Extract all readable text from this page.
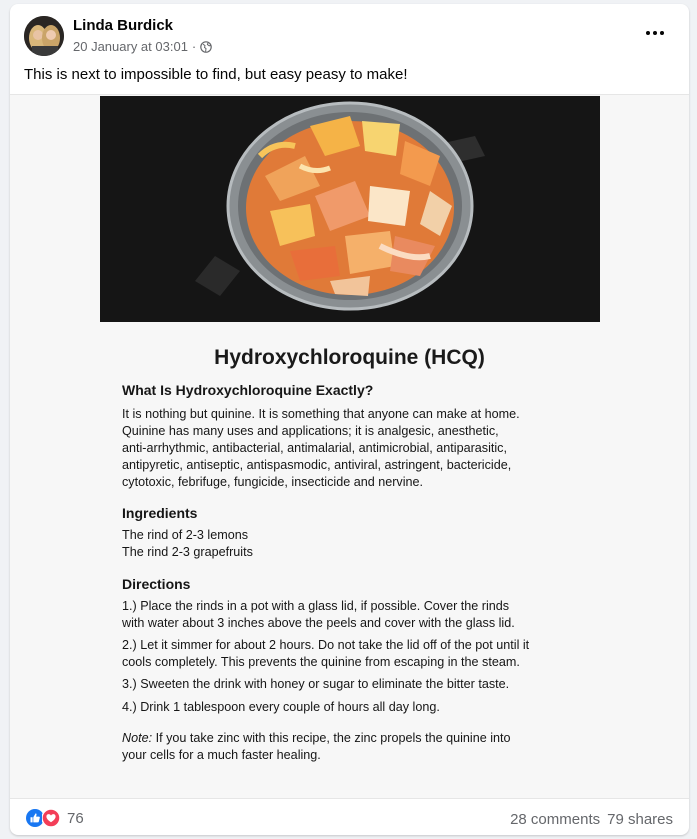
Linda Burdick
20 January at 03:01 ·
This is next to impossible to find, but easy peasy to make!
Hydroxychloroquine (HCQ)
What Is Hydroxychloroquine Exactly?

It is nothing but quinine. It is something that anyone can make at home.

Quinine has many uses and applications; it is analgesic, anesthetic,

anti-arrhythmic, antibacterial, antimalarial, antimicrobial, antiparasitic,

antipyretic, antiseptic, antispasmodic, antiviral, astringent, bactericide,

cytotoxic, febrifuge, fungicide, insecticide and nervine.

Ingredients

The rind of 2-3 lemons

The rind 2-3 grapefruits

Directions

1.) Place the rinds in a pot with a glass lid, if possible. Cover the rinds

with water about 3 inches above the peels and cover with the glass lid.

2.) Let it simmer for about 2 hours. Do not take the lid off of the pot until it

cools completely. This prevents the quinine from escaping in the steam.

3.) Sweeten the drink with honey or sugar to eliminate the bitter taste.

4.) Drink 1 tablespoon every couple of hours all day long.

Note: If you take zinc with this recipe, the zinc propels the quinine into

your cells for a much faster healing.

76	28 comments 79 shares
